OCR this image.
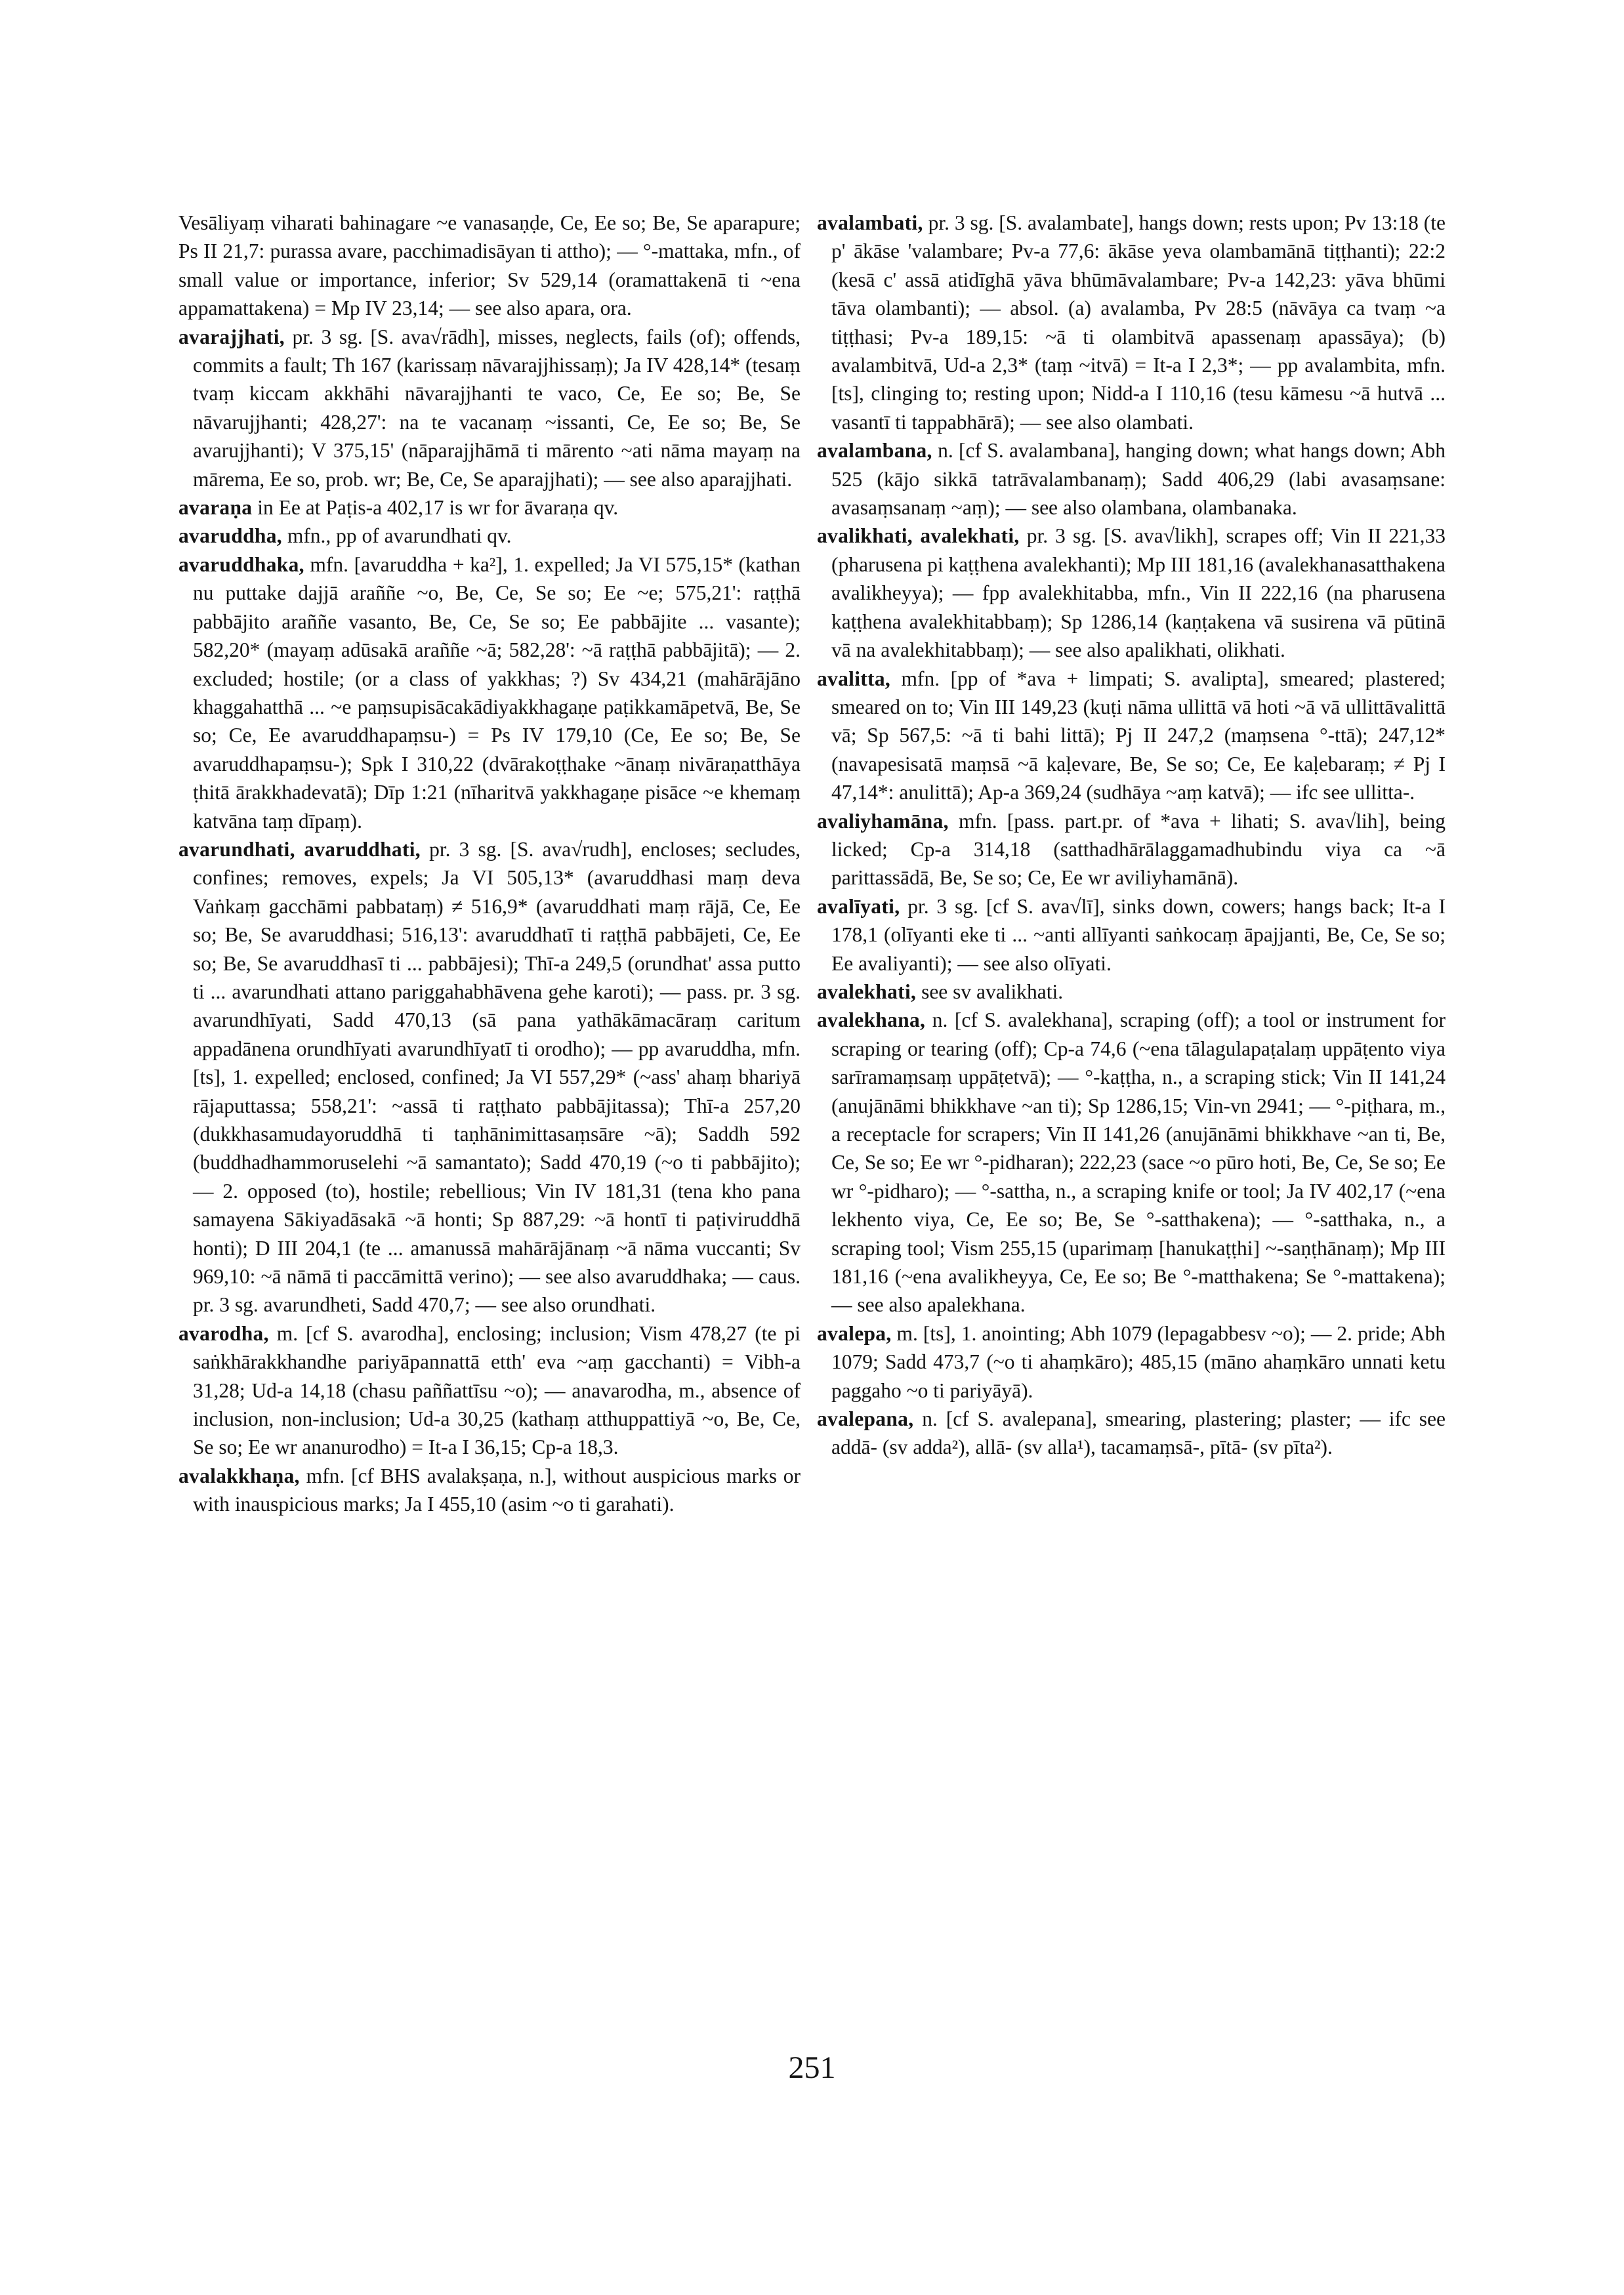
Vesāliyaṃ viharati bahinagare ~e vanasaṇḍe, Ce, Ee so; Be, Se aparapure; Ps II 21,7: purassa avare, pacchimadisāyan ti attho); — °-mattaka, mfn., of small value or importance, inferior; Sv 529,14 (oramattakenā ti ~ena appamattakena) = Mp IV 23,14; — see also apara, ora.

avarajjhati, pr. 3 sg. [S. ava√rādh], misses, neglects, fails (of); offends, commits a fault; Th 167 (karissaṃ nāvarajjhissaṃ); Ja IV 428,14* (tesaṃ tvaṃ kiccam akkhāhi nāvarajjhanti te vaco, Ce, Ee so; Be, Se nāvarujjhanti; 428,27': na te vacanaṃ ~issanti, Ce, Ee so; Be, Se avarujjhanti); V 375,15' (nāparajjhāmā ti mārento ~ati nāma mayaṃ na mārema, Ee so, prob. wr; Be, Ce, Se aparajjhati); — see also aparajjhati.

avaraṇa in Ee at Paṭis-a 402,17 is wr for āvaraṇa qv.

avaruddha, mfn., pp of avarundhati qv.

avaruddhaka, mfn. [avaruddha + ka²], 1. expelled; Ja VI 575,15* (kathan nu puttake dajjā araññe ~o, Be, Ce, Se so; Ee ~e; 575,21': raṭṭhā pabbājito araññe vasanto, Be, Ce, Se so; Ee pabbājite ... vasante); 582,20* (mayaṃ adūsakā araññe ~ā; 582,28': ~ā raṭṭhā pabbājitā); — 2. excluded; hostile; (or a class of yakkhas; ?) Sv 434,21 (mahārājāno khaggahatthā ... ~e paṃsupisācakādiyakkhagaṇe paṭikkamāpetvā, Be, Se so; Ce, Ee avaruddhapaṃsu-) = Ps IV 179,10 (Ce, Ee so; Be, Se avaruddhapaṃsu-); Spk I 310,22 (dvārakoṭṭhake ~ānaṃ nivāraṇatthāya ṭhitā ārakkhadevatā); Dīp 1:21 (nīharitvā yakkhagaṇe pisāce ~e khemaṃ katvāna taṃ dīpaṃ).

avarundhati, avaruddhati, pr. 3 sg. [S. ava√rudh], encloses; secludes, confines; removes, expels; Ja VI 505,13* (avaruddhasi maṃ deva Vaṅkaṃ gacchāmi pabbataṃ) ≠ 516,9* (avaruddhati maṃ rājā, Ce, Ee so; Be, Se avaruddhasi; 516,13': avaruddhatī ti raṭṭhā pabbājeti, Ce, Ee so; Be, Se avaruddhasī ti ... pabbājesi); Thī-a 249,5 (orundhat' assa putto ti ... avarundhati attano pariggahabhāvena gehe karoti); — pass. pr. 3 sg. avarundhīyati, Sadd 470,13 (sā pana yathākāmacāraṃ caritum appadānena orundhīyati avarundhīyatī ti orodho); — pp avaruddha, mfn. [ts], 1. expelled; enclosed, confined; Ja VI 557,29* (~ass' ahaṃ bhariyā rājaputtassa; 558,21': ~assā ti raṭṭhato pabbājitassa); Thī-a 257,20 (dukkhasamudayoruddhā ti taṇhānimittasaṃsāre ~ā); Saddh 592 (buddhadhammoruselehi ~ā samantato); Sadd 470,19 (~o ti pabbājito); — 2. opposed (to), hostile; rebellious; Vin IV 181,31 (tena kho pana samayena Sākiyadāsakā ~ā honti; Sp 887,29: ~ā hontī ti paṭiviruddhā honti); D III 204,1 (te ... amanussā mahārājānaṃ ~ā nāma vuccanti; Sv 969,10: ~ā nāmā ti paccāmittā verino); — see also avaruddhaka; — caus. pr. 3 sg. avarundheti, Sadd 470,7; — see also orundhati.

avarodha, m. [cf S. avarodha], enclosing; inclusion; Vism 478,27 (te pi saṅkhārakkhandhe pariyāpannattā etth' eva ~aṃ gacchanti) = Vibh-a 31,28; Ud-a 14,18 (chasu paññattīsu ~o); — anavarodha, m., absence of inclusion, non-inclusion; Ud-a 30,25 (kathaṃ atthuppattiyā ~o, Be, Ce, Se so; Ee wr ananurodho) = It-a I 36,15; Cp-a 18,3.

avalakkhaṇa, mfn. [cf BHS avalakṣaṇa, n.], without auspicious marks or with inauspicious marks; Ja I 455,10 (asim ~o ti garahati).

avalambati, pr. 3 sg. [S. avalambate], hangs down; rests upon; Pv 13:18 (te p' ākāse 'valambare; Pv-a 77,6: ākāse yeva olambamānā tiṭṭhanti); 22:2 (kesā c' assā atidīghā yāva bhūmāvalambare; Pv-a 142,23: yāva bhūmi tāva olambanti); — absol. (a) avalamba, Pv 28:5 (nāvāya ca tvaṃ ~a tiṭṭhasi; Pv-a 189,15: ~ā ti olambitvā apassenaṃ apassāya); (b) avalambitvā, Ud-a 2,3* (taṃ ~itvā) = It-a I 2,3*; — pp avalambita, mfn. [ts], clinging to; resting upon; Nidd-a I 110,16 (tesu kāmesu ~ā hutvā ... vasantī ti tappabhārā); — see also olambati.

avalambana, n. [cf S. avalambana], hanging down; what hangs down; Abh 525 (kājo sikkā tatrāvalambanaṃ); Sadd 406,29 (labi avasaṃsane: avasaṃsanaṃ ~aṃ); — see also olambana, olambanaka.

avalikhati, avalekhati, pr. 3 sg. [S. ava√likh], scrapes off; Vin II 221,33 (pharusena pi kaṭṭhena avalekhanti); Mp III 181,16 (avalekhanasatthakena avalikheyya); — fpp avalekhitabba, mfn., Vin II 222,16 (na pharusena kaṭṭhena avalekhitabbaṃ); Sp 1286,14 (kaṇṭakena vā susirena vā pūtinā vā na avalekhitabbaṃ); — see also apalikhati, olikhati.

avalitta, mfn. [pp of *ava + limpati; S. avalipta], smeared; plastered; smeared on to; Vin III 149,23 (kuṭi nāma ullittā vā hoti ~ā vā ullittāvalittā vā; Sp 567,5: ~ā ti bahi littā); Pj II 247,2 (maṃsena °-ttā); 247,12* (navapesisatā maṃsā ~ā kaḷevare, Be, Se so; Ce, Ee kaḷebaraṃ; ≠ Pj I 47,14*: anulittā); Ap-a 369,24 (sudhāya ~aṃ katvā); — ifc see ullitta-.

avaliyhamāna, mfn. [pass. part.pr. of *ava + lihati; S. ava√lih], being licked; Cp-a 314,18 (satthadhārālaggamadhubindu viya ca ~ā parittassādā, Be, Se so; Ce, Ee wr aviliyhamānā).

avalīyati, pr. 3 sg. [cf S. ava√lī], sinks down, cowers; hangs back; It-a I 178,1 (olīyanti eke ti ... ~anti allīyanti saṅkocaṃ āpajjanti, Be, Ce, Se so; Ee avaliyanti); — see also olīyati.

avalekhati, see sv avalikhati.

avalekhana, n. [cf S. avalekhana], scraping (off); a tool or instrument for scraping or tearing (off); Cp-a 74,6 (~ena tālagulapaṭalaṃ uppāṭento viya sarīramaṃsaṃ uppāṭetvā); — °-kaṭṭha, n., a scraping stick; Vin II 141,24 (anujānāmi bhikkhave ~an ti); Sp 1286,15; Vin-vn 2941; — °-piṭhara, m., a receptacle for scrapers; Vin II 141,26 (anujānāmi bhikkhave ~an ti, Be, Ce, Se so; Ee wr °-pidharan); 222,23 (sace ~o pūro hoti, Be, Ce, Se so; Ee wr °-pidharo); — °-sattha, n., a scraping knife or tool; Ja IV 402,17 (~ena lekhento viya, Ce, Ee so; Be, Se °-satthakena); — °-satthaka, n., a scraping tool; Vism 255,15 (uparimaṃ [hanukaṭṭhi] ~-saṇṭhānaṃ); Mp III 181,16 (~ena avalikheyya, Ce, Ee so; Be °-matthakena; Se °-mattakena); — see also apalekhana.

avalepa, m. [ts], 1. anointing; Abh 1079 (lepagabbesv ~o); — 2. pride; Abh 1079; Sadd 473,7 (~o ti ahaṃkāro); 485,15 (māno ahaṃkāro unnati ketu paggaho ~o ti pariyāyā).

avalepana, n. [cf S. avalepana], smearing, plastering; plaster; — ifc see addā- (sv adda²), allā- (sv alla¹), tacamaṃsā-, pītā- (sv pīta²).

251
